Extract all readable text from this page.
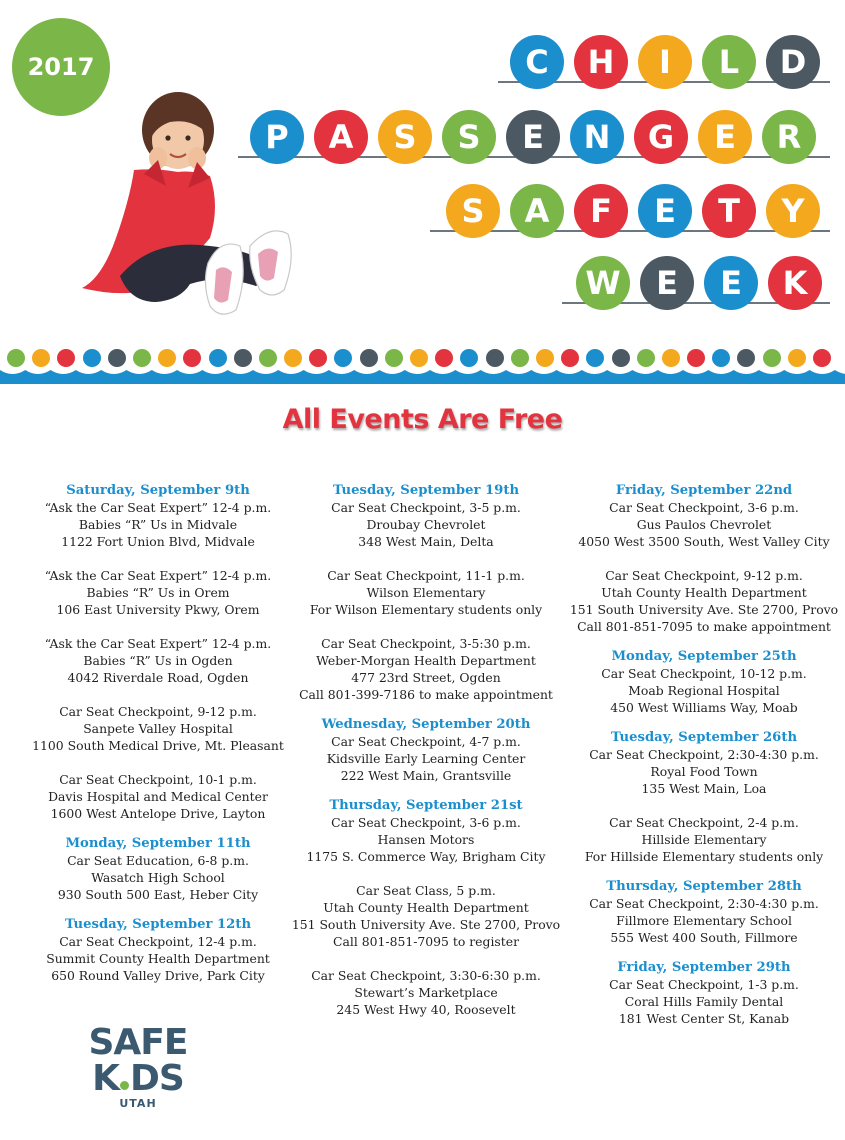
2017	C	H	I	L	D
P	A	S	S	E	N	G	E	R
S	A	F	E	T	Y
W	E	E	K
All Events Are Free
Saturday, September 9th
“Ask the Car Seat Expert” 12-4 p.m.
Babies “R” Us in Midvale
1122 Fort Union Blvd, Midvale
“Ask the Car Seat Expert” 12-4 p.m.
Babies “R” Us in Orem
106 East University Pkwy, Orem
“Ask the Car Seat Expert” 12-4 p.m.
Babies “R” Us in Ogden
4042 Riverdale Road, Ogden
Car Seat Checkpoint, 9-12 p.m.
Sanpete Valley Hospital
1100 South Medical Drive, Mt. Pleasant
Car Seat Checkpoint, 10-1 p.m.
Davis Hospital and Medical Center
1600 West Antelope Drive, Layton
Monday, September 11th
Car Seat Education, 6-8 p.m.
Wasatch High School
930 South 500 East, Heber City
Tuesday, September 12th
Car Seat Checkpoint, 12-4 p.m.
Summit County Health Department
650 Round Valley Drive, Park City
Tuesday, September 19th
Car Seat Checkpoint, 3-5 p.m.
Droubay Chevrolet
348 West Main, Delta
Car Seat Checkpoint, 11-1 p.m.
Wilson Elementary
For Wilson Elementary students only
Car Seat Checkpoint, 3-5:30 p.m.
Weber-Morgan Health Department
477 23rd Street, Ogden
Call 801-399-7186 to make appointment
Wednesday, September 20th
Car Seat Checkpoint, 4-7 p.m.
Kidsville Early Learning Center
222 West Main, Grantsville
Thursday, September 21st
Car Seat Checkpoint, 3-6 p.m.
Hansen Motors
1175 S. Commerce Way, Brigham City
Car Seat Class, 5 p.m.
Utah County Health Department
151 South University Ave. Ste 2700, Provo
Call 801-851-7095 to register
Car Seat Checkpoint, 3:30-6:30 p.m.
Stewart’s Marketplace
245 West Hwy 40, Roosevelt
Friday, September 22nd
Car Seat Checkpoint, 3-6 p.m.
Gus Paulos Chevrolet
4050 West 3500 South, West Valley City
Car Seat Checkpoint, 9-12 p.m.
Utah County Health Department
151 South University Ave. Ste 2700, Provo
Call 801-851-7095 to make appointment
Monday, September 25th
Car Seat Checkpoint, 10-12 p.m.
Moab Regional Hospital
450 West Williams Way, Moab
Tuesday, September 26th
Car Seat Checkpoint, 2:30-4:30 p.m.
Royal Food Town
135 West Main, Loa
Car Seat Checkpoint, 2-4 p.m.
Hillside Elementary
For Hillside Elementary students only
Thursday, September 28th
Car Seat Checkpoint, 2:30-4:30 p.m.
Fillmore Elementary School
555 West 400 South, Fillmore
Friday, September 29th
Car Seat Checkpoint, 1-3 p.m.
Coral Hills Family Dental
181 West Center St, Kanab
SAFE
K DS
UTAH
